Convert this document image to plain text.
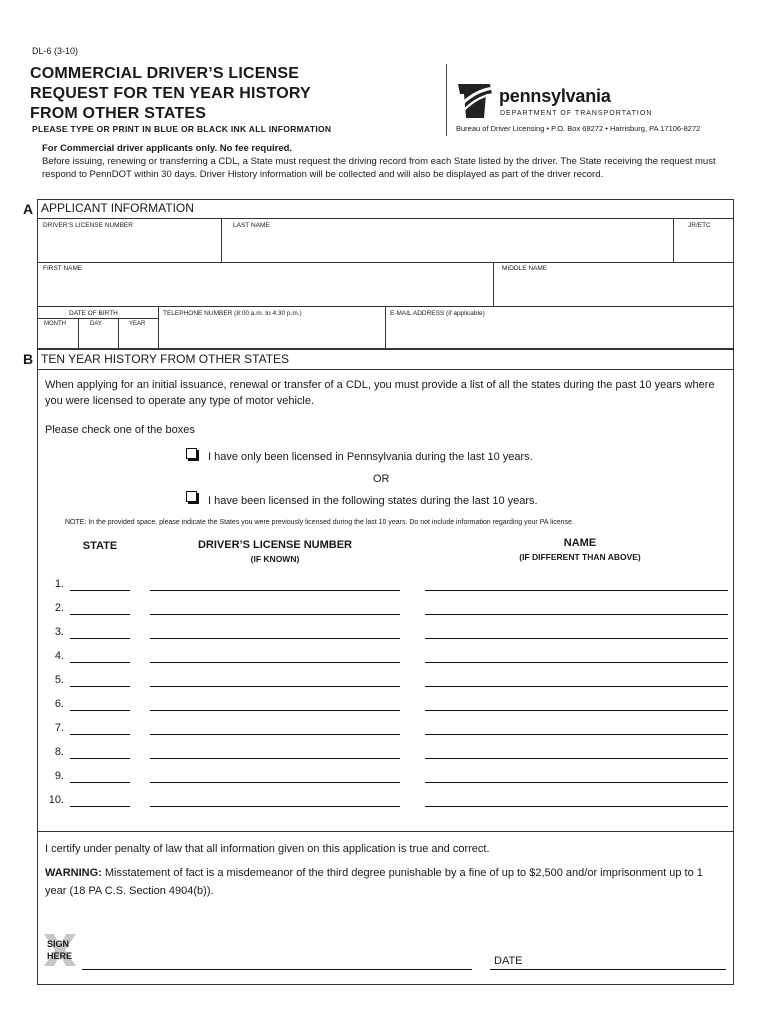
DL-6 (3-10)
COMMERCIAL DRIVER’S LICENSE
REQUEST FOR TEN YEAR HISTORY
FROM OTHER STATES
PLEASE TYPE OR PRINT IN BLUE OR BLACK INK ALL INFORMATION
pennsylvania
DEPARTMENT OF TRANSPORTATION
Bureau of Driver Licensing • P.O. Box 68272 • Harrisburg, PA 17106-8272
For Commercial driver applicants only. No fee required.
Before issuing, renewing or transferring a CDL, a State must request the driving record from each State listed by the driver. The State receiving the request must respond to PennDOT within 30 days. Driver History information will be collected and will also be displayed as part of the driver record.
A APPLICANT INFORMATION
DRIVER’S LICENSE NUMBER	LAST NAME	JR/ETC
FIRST NAME	MIDDLE NAME
DATE OF BIRTH
MONTH	DAY	YEAR
TELEPHONE NUMBER (8:00 a.m. to 4:30 p.m.)	E-MAIL ADDRESS (if applicable)
B TEN YEAR HISTORY FROM OTHER STATES
When applying for an initial issuance, renewal or transfer of a CDL, you must provide a list of all the states during the past 10 years where you were licensed to operate any type of motor vehicle.
Please check one of the boxes
I have only been licensed in Pennsylvania during the last 10 years.
OR
I have been licensed in the following states during the last 10 years.
NOTE: In the provided space, please indicate the States you were previously licensed during the last 10 years. Do not include information regarding your PA license.
STATE	DRIVER’S LICENSE NUMBER
(IF KNOWN)
NAME
(IF DIFFERENT THAN ABOVE)
1.
2.
3.
4.
5.
6.
7.
8.
9.
10.
I certify under penalty of law that all information given on this application is true and correct.
WARNING: Misstatement of fact is a misdemeanor of the third degree punishable by a fine of up to $2,500 and/or imprisonment up to 1 year (18 PA C.S. Section 4904(b)).
SIGN
HERE	DATE
